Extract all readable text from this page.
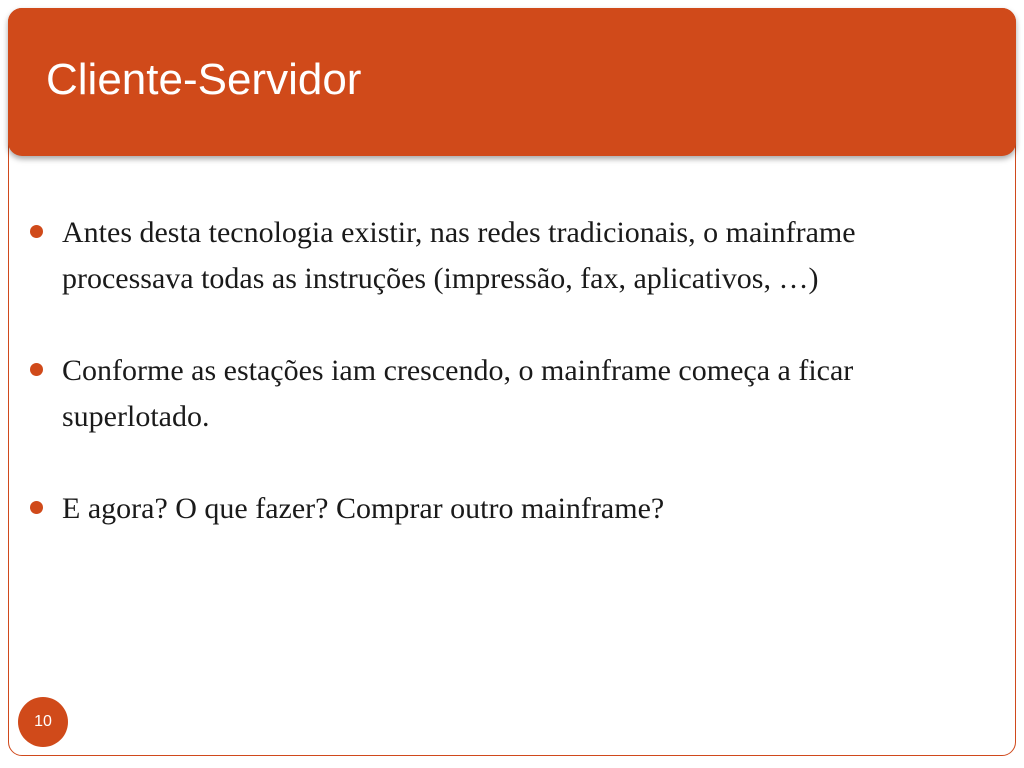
Cliente-Servidor

Antes desta tecnologia existir, nas redes tradicionais, o mainframe processava todas as instruções (impressão, fax, aplicativos, …)

Conforme as estações iam crescendo, o mainframe começa a ficar superlotado.

E agora? O que fazer? Comprar outro mainframe?

10
